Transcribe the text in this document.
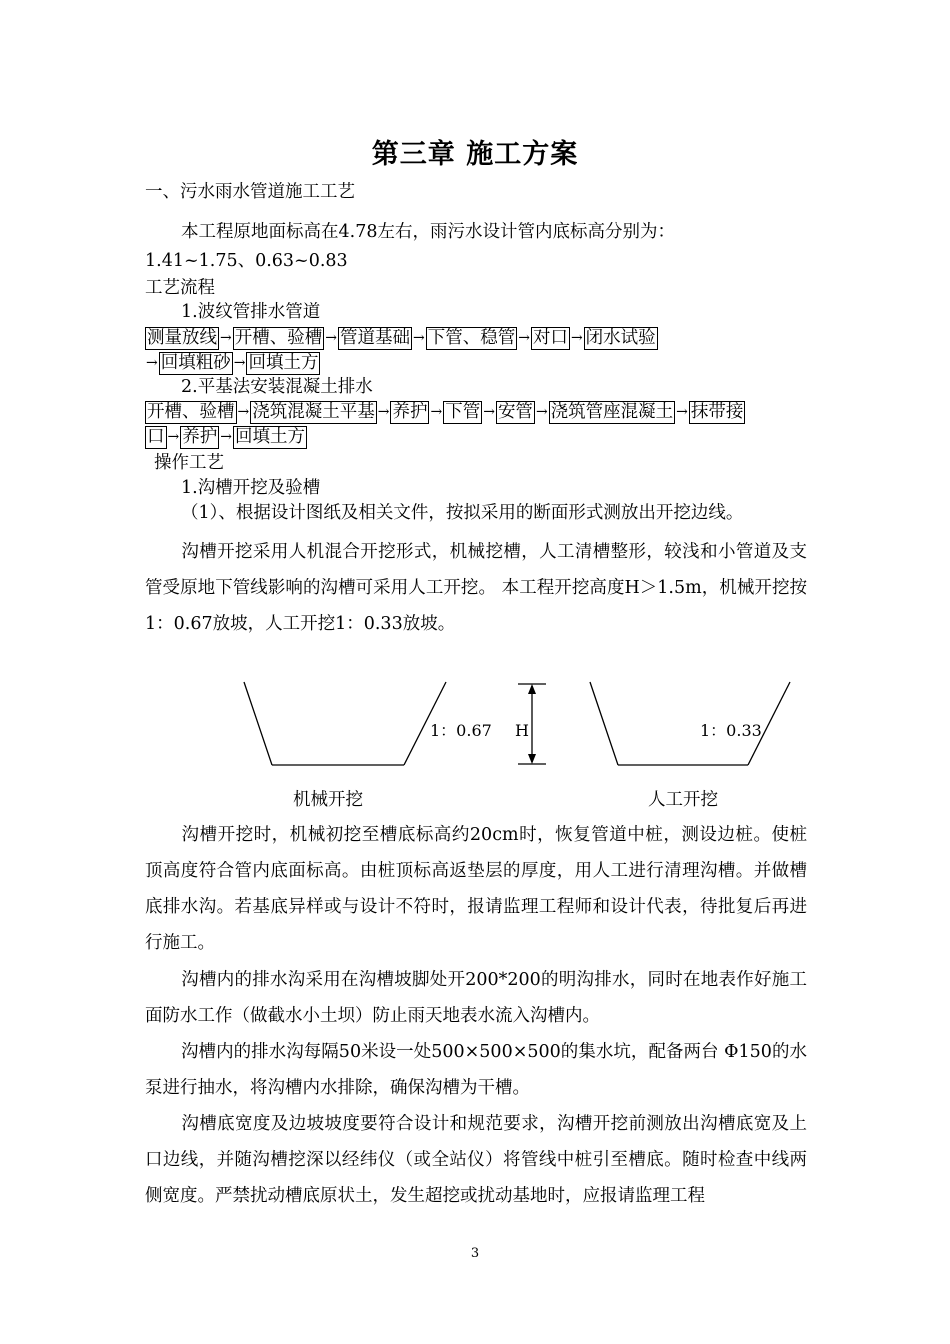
第三章 施工方案
一、污水雨水管道施工工艺
本工程原地面标高在4.78左右，雨污水设计管内底标高分别为：
1.41~1.75、0.63~0.83
工艺流程
1.波纹管排水管道
测量放线 → 开槽、验槽 → 管道基础 → 下管、稳管 → 对口 → 闭水试验
→ 回填粗砂 → 回填土方
2.平基法安装混凝土排水
开槽、验槽 → 浇筑混凝土平基 → 养护 → 下管 → 安管 → 浇筑管座混凝土 → 抹带接
口 → 养护 → 回填土方
操作工艺
1.沟槽开挖及验槽
（1）、根据设计图纸及相关文件，按拟采用的断面形式测放出开挖边线。
沟槽开挖采用人机混合开挖形式，机械挖槽，人工清槽整形，较浅和小管道及支管受原地下管线影响的沟槽可采用人工开挖。 本工程开挖高度H＞1.5m，机械开挖按1：0.67放坡，人工开挖1：0.33放坡。
1：0.67 H	1：0.33
机械开挖	人工开挖
沟槽开挖时，机械初挖至槽底标高约20cm时，恢复管道中桩，测设边桩。使桩顶高度符合管内底面标高。由桩顶标高返垫层的厚度，用人工进行清理沟槽。并做槽底排水沟。若基底异样或与设计不符时，报请监理工程师和设计代表，待批复后再进行施工。
沟槽内的排水沟采用在沟槽坡脚处开200*200的明沟排水，同时在地表作好施工面防水工作（做截水小土坝）防止雨天地表水流入沟槽内。
沟槽内的排水沟每隔50米设一处500×500×500的集水坑，配备两台 Φ150的水泵进行抽水，将沟槽内水排除，确保沟槽为干槽。
沟槽底宽度及边坡坡度要符合设计和规范要求，沟槽开挖前测放出沟槽底宽及上口边线，并随沟槽挖深以经纬仪（或全站仪）将管线中桩引至槽底。随时检查中线两侧宽度。严禁扰动槽底原状土，发生超挖或扰动基地时，应报请监理工程
3
